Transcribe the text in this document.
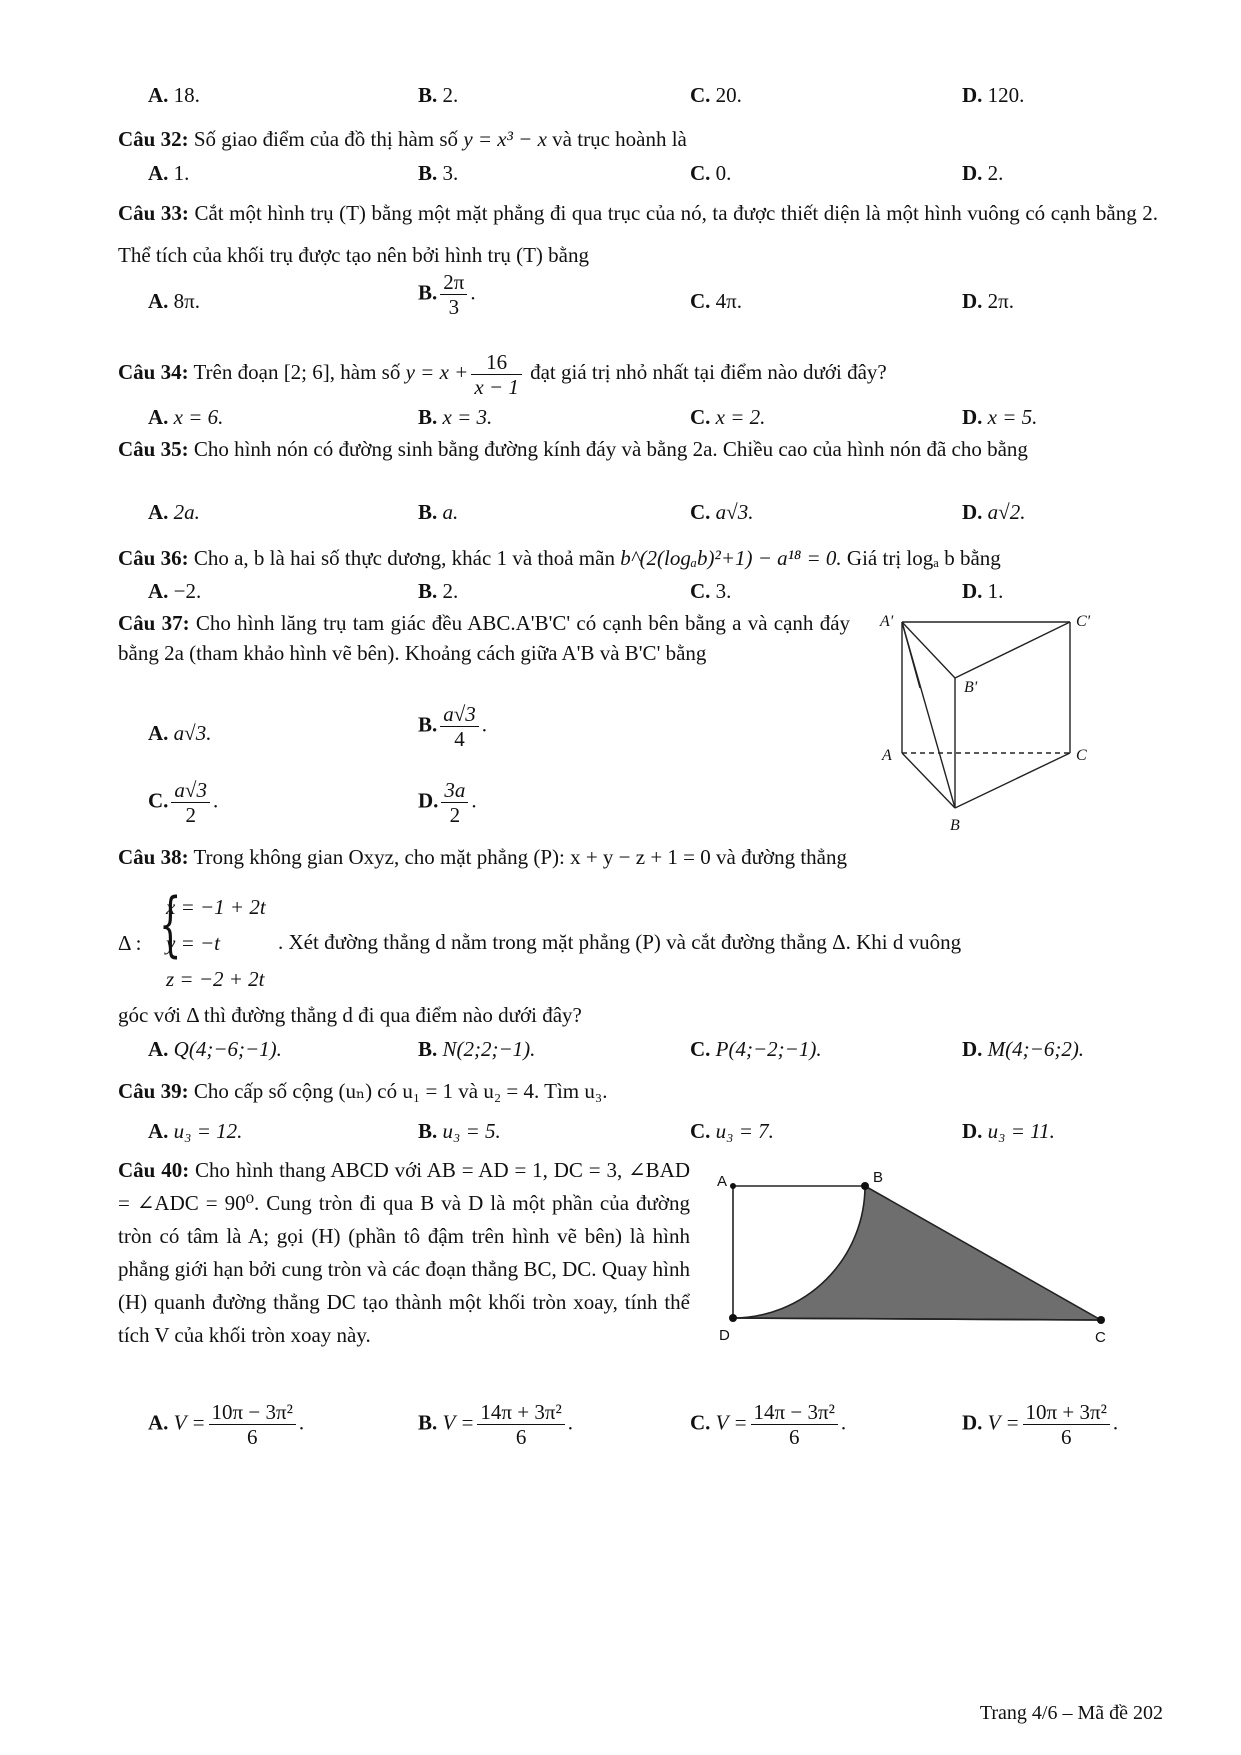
A. 18.	B. 2.	C. 20.	D. 120.
Câu 32: Số giao điểm của đồ thị hàm số y = x³ − x và trục hoành là
A. 1.	B. 3.	C. 0.	D. 2.
Câu 33: Cắt một hình trụ (T) bằng một mặt phẳng đi qua trục của nó, ta được thiết diện là một hình vuông có cạnh bằng 2. Thể tích của khối trụ được tạo nên bởi hình trụ (T) bằng
A. 8π.	B. $\frac{2\pi}{3}$ .	C. 4π.	D. 2π.
Câu 34: Trên đoạn [2; 6], hàm số $y = x + \frac{16}{x - 1}$ đạt giá trị nhỏ nhất tại điểm nào dưới đây?
A. x = 6.	B. x = 3.	C. x = 2.	D. x = 5.
Câu 35: Cho hình nón có đường sinh bằng đường kính đáy và bằng 2a. Chiều cao của hình nón đã cho bằng
A. 2a.	B. a.	C. a√3.	D. a√2.
Câu 36: Cho a, b là hai số thực dương, khác 1 và thoả mãn b^(2(logₐb)²+1) − a¹⁸ = 0. Giá trị logₐ b bằng
A. −2.	B. 2.	C. 3.	D. 1.
Câu 37: Cho hình lăng trụ tam giác đều ABC.A'B'C' có cạnh bên bằng a và cạnh đáy bằng 2a (tham khảo hình vẽ bên). Khoảng cách giữa A'B và B'C' bằng
A. a√3.	B. $\frac{a√3}{4}$ .
C. $\frac{a√3}{2}$ .	D. $\frac{3a}{2}$ .
A'	C'
B'
A	C
B
Câu 38: Trong không gian Oxyz, cho mặt phẳng (P): x + y − z + 1 = 0 và đường thẳng
Δ : {
x = −1 + 2t
y = −t
z = −2 + 2t
. Xét đường thẳng d nằm trong mặt phẳng (P) và cắt đường thẳng Δ. Khi d vuông
góc với Δ thì đường thẳng d đi qua điểm nào dưới đây?
A. Q(4;−6;−1).	B. N(2;2;−1).	C. P(4;−2;−1).	D. M(4;−6;2).
Câu 39: Cho cấp số cộng (uₙ) có u₁ = 1 và u₂ = 4. Tìm u₃.
A. u₃ = 12.	B. u₃ = 5.	C. u₃ = 7.	D. u₃ = 11.
Câu 40: Cho hình thang ABCD với AB = AD = 1, DC = 3, ∠BAD = ∠ADC = 90⁰. Cung tròn đi qua B và D là một phần của đường tròn có tâm là A; gọi (H) (phần tô đậm trên hình vẽ bên) là hình phẳng giới hạn bởi cung tròn và các đoạn thẳng BC, DC. Quay hình (H) quanh đường thẳng DC tạo thành một khối tròn xoay, tính thể tích V của khối tròn xoay này.
A	B
D	C
A. $V = \frac{\text{10π − 3π²}}{6}$ .	B. $V = \frac{\text{14π + 3π²}}{6}$ .	C. $V = \frac{\text{14π − 3π²}}{6}$ .	D. $V = \frac{\text{10π + 3π²}}{6}$ .
Trang 4/6 – Mã đề 202
